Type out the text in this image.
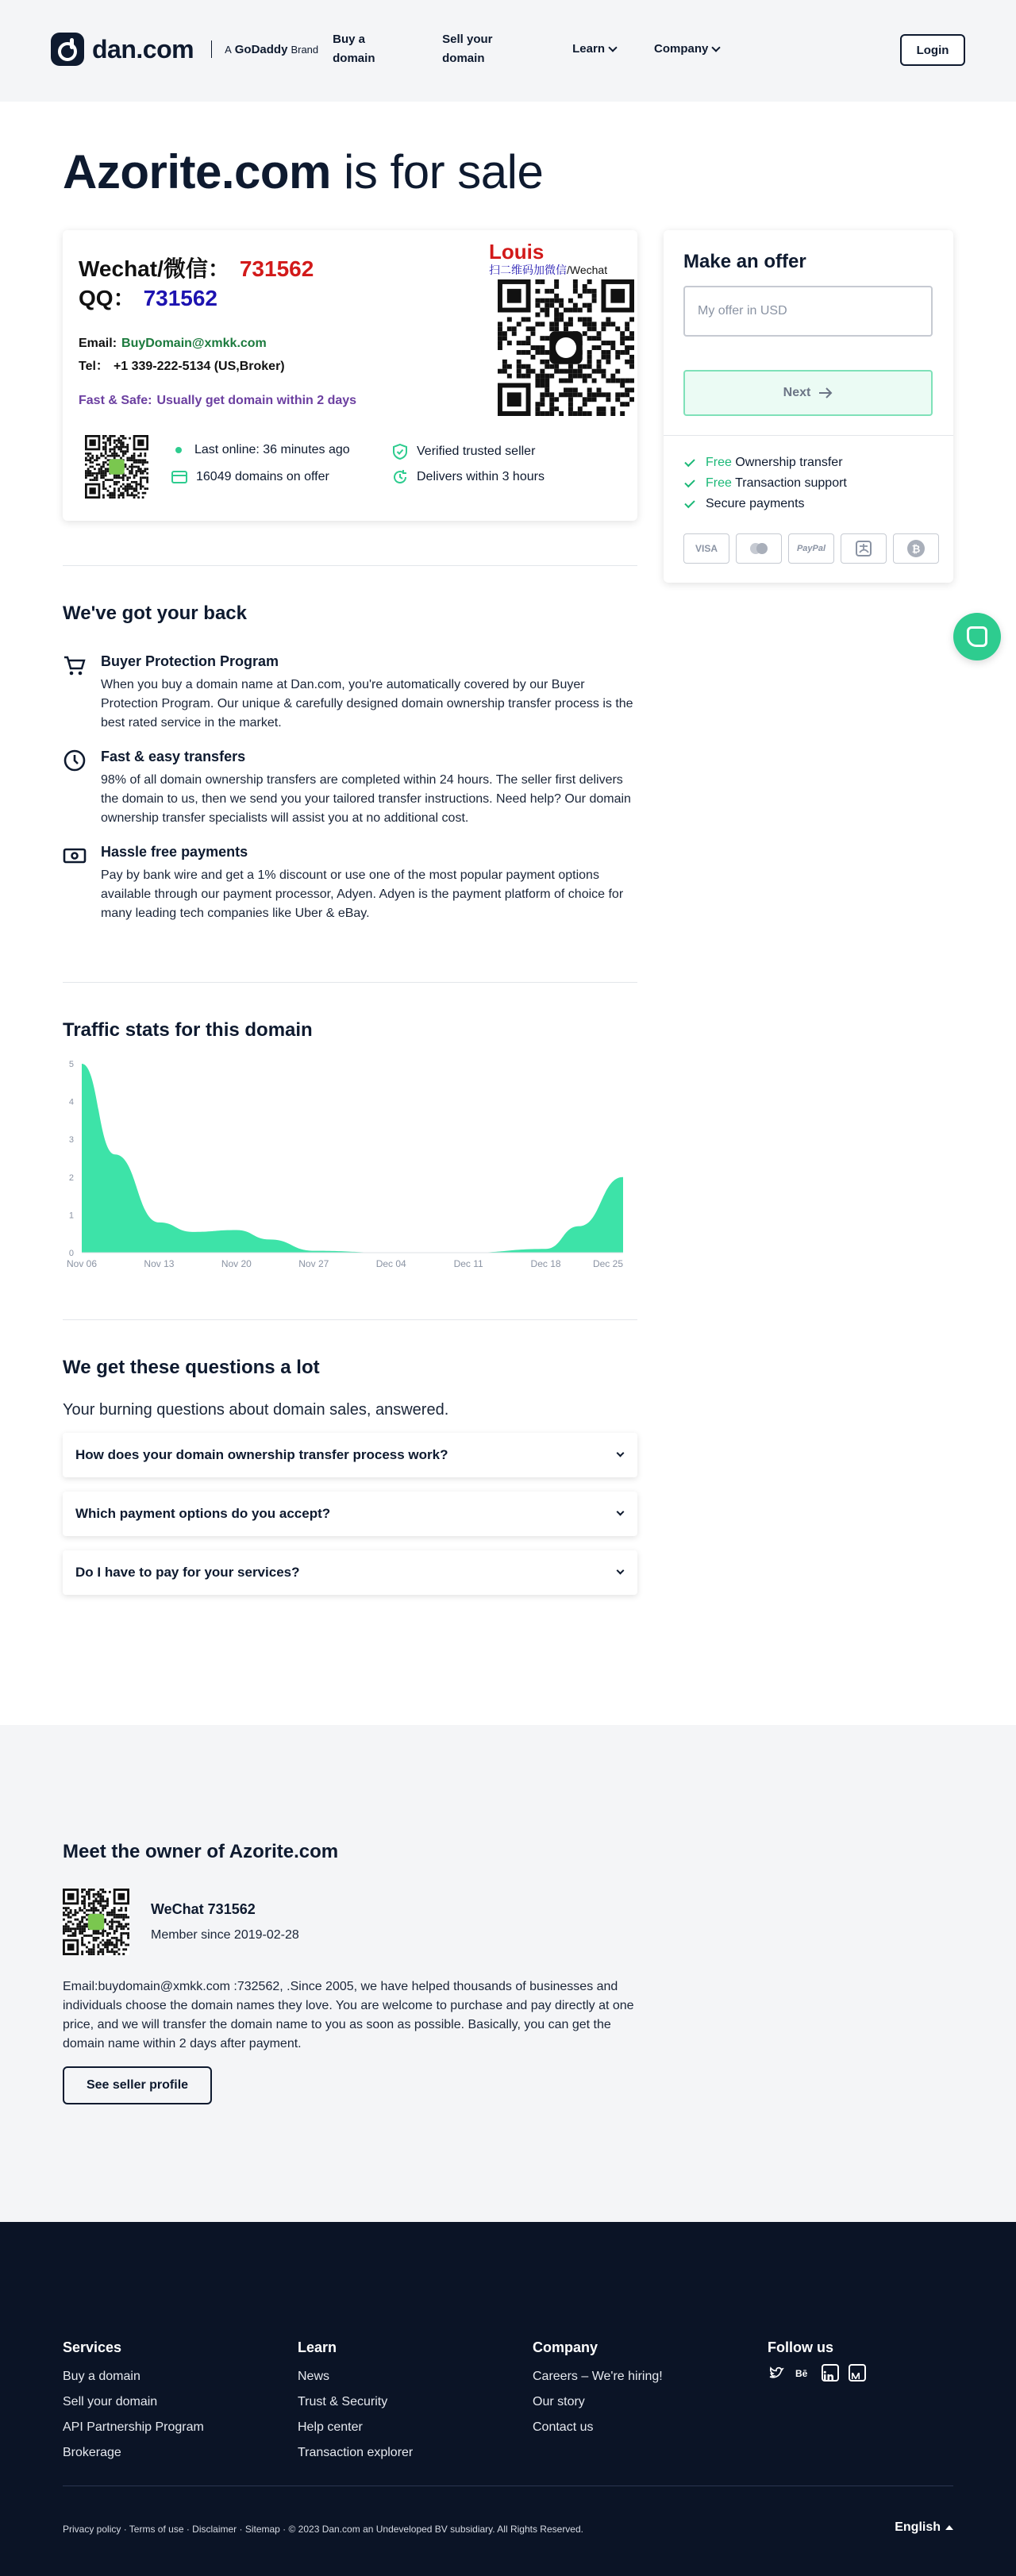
dan.com	A GoDaddy Brand
Buy a domain
Sell your domain
Learn	Company	Login
Azorite.com is for sale
Wechat/微信： 731562
QQ： 731562
Email: BuyDomain@xmkk.com
Tel： +1 339-222-5134 (US,Broker)
Fast & Safe: Usually get domain within 2 days
Louis
扫二维码加微信/Wechat
Last online: 36 minutes ago
16049 domains on offer
Verified trusted seller
Delivers within 3 hours
Make an offer
My offer in USD
Next
Free Ownership transfer
Free Transaction support
Secure payments
VISA	PayPal	₿
We've got your back
Buyer Protection Program
When you buy a domain name at Dan.com, you're automatically covered by our Buyer Protection Program. Our unique & carefully designed domain ownership transfer process is the best rated service in the market.
Fast & easy transfers
98% of all domain ownership transfers are completed within 24 hours. The seller first delivers the domain to us, then we send you your tailored transfer instructions. Need help? Our domain ownership transfer specialists will assist you at no additional cost.
Hassle free payments
Pay by bank wire and get a 1% discount or use one of the most popular payment options available through our payment processor, Adyen. Adyen is the payment platform of choice for many leading tech companies like Uber & eBay.
Traffic stats for this domain
0
1
2
3
4
5
Nov 06	Nov 13	Nov 20	Nov 27	Dec 04	Dec 11	Dec 18	Dec 25
We get these questions a lot
Your burning questions about domain sales, answered.
How does your domain ownership transfer process work?
Which payment options do you accept?
Do I have to pay for your services?
Meet the owner of Azorite.com
WeChat 731562
Member since 2019-02-28

Email:buydomain@xmkk.com :732562, .Since 2005, we have helped thousands of businesses and individuals choose the domain names they love. You are welcome to purchase and pay directly at one price, and we will transfer the domain name to you as soon as possible. Basically, you can get the domain name within 2 days after payment.

See seller profile
Services
Buy a domain
Sell your domain
API Partnership Program
Brokerage
Learn
News
Trust & Security
Help center
Transaction explorer
Company
Careers – We're hiring!
Our story
Contact us
Follow us
Bē
Privacy policy · Terms of use · Disclaimer · Sitemap · © 2023 Dan.com an Undeveloped BV subsidiary. All Rights Reserved.	English
